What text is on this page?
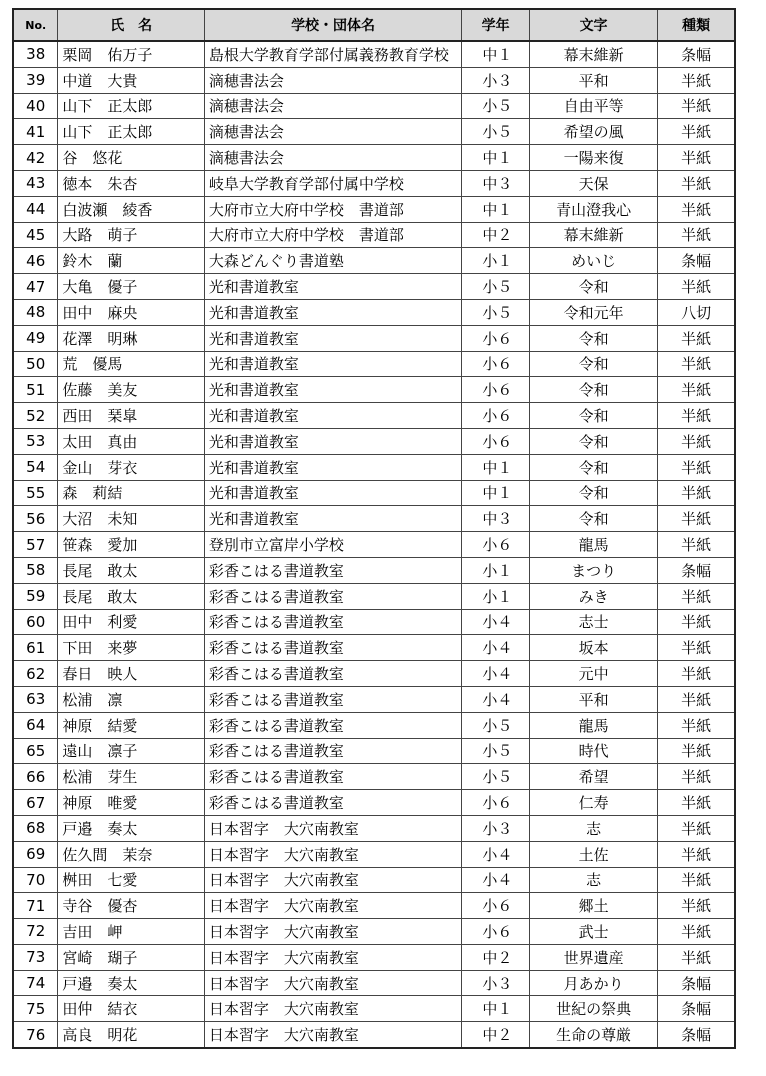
No.	氏　名	学校・団体名	学年	文字	種類
38	栗岡　佑万子	島根大学教育学部付属義務教育学校	中１	幕末維新	条幅
39	中道　大貴	滴穂書法会	小３	平和	半紙
40	山下　正太郎	滴穂書法会	小５	自由平等	半紙
41	山下　正太郎	滴穂書法会	小５	希望の風	半紙
42	谷　悠花	滴穂書法会	中１	一陽来復	半紙
43	徳本　朱杏	岐阜大学教育学部付属中学校	中３	天保	半紙
44	白波瀬　綾香	大府市立大府中学校　書道部	中１	青山澄我心	半紙
45	大路　萌子	大府市立大府中学校　書道部	中２	幕末維新	半紙
46	鈴木　蘭	大森どんぐり書道塾	小１	めいじ	条幅
47	大亀　優子	光和書道教室	小５	令和	半紙
48	田中　麻央	光和書道教室	小５	令和元年	八切
49	花澤　明琳	光和書道教室	小６	令和	半紙
50	荒　優馬	光和書道教室	小６	令和	半紙
51	佐藤　美友	光和書道教室	小６	令和	半紙
52	西田　琹皐	光和書道教室	小６	令和	半紙
53	太田　真由	光和書道教室	小６	令和	半紙
54	金山　芽衣	光和書道教室	中１	令和	半紙
55	森　莉結	光和書道教室	中１	令和	半紙
56	大沼　未知	光和書道教室	中３	令和	半紙
57	笹森　愛加	登別市立富岸小学校	小６	龍馬	半紙
58	長尾　敢太	彩香こはる書道教室	小１	まつり	条幅
59	長尾　敢太	彩香こはる書道教室	小１	みき	半紙
60	田中　利愛	彩香こはる書道教室	小４	志士	半紙
61	下田　来夢	彩香こはる書道教室	小４	坂本	半紙
62	春日　映人	彩香こはる書道教室	小４	元中	半紙
63	松浦　凛	彩香こはる書道教室	小４	平和	半紙
64	神原　結愛	彩香こはる書道教室	小５	龍馬	半紙
65	遠山　凛子	彩香こはる書道教室	小５	時代	半紙
66	松浦　芽生	彩香こはる書道教室	小５	希望	半紙
67	神原　唯愛	彩香こはる書道教室	小６	仁寿	半紙
68	戸邉　奏太	日本習字　大穴南教室	小３	志	半紙
69	佐久間　茉奈	日本習字　大穴南教室	小４	土佐	半紙
70	桝田　七愛	日本習字　大穴南教室	小４	志	半紙
71	寺谷　優杏	日本習字　大穴南教室	小６	郷土	半紙
72	吉田　岬	日本習字　大穴南教室	小６	武士	半紙
73	宮崎　瑚子	日本習字　大穴南教室	中２	世界遺産	半紙
74	戸邉　奏太	日本習字　大穴南教室	小３	月あかり	条幅
75	田仲　結衣	日本習字　大穴南教室	中１	世紀の祭典	条幅
76	高良　明花	日本習字　大穴南教室	中２	生命の尊厳	条幅
